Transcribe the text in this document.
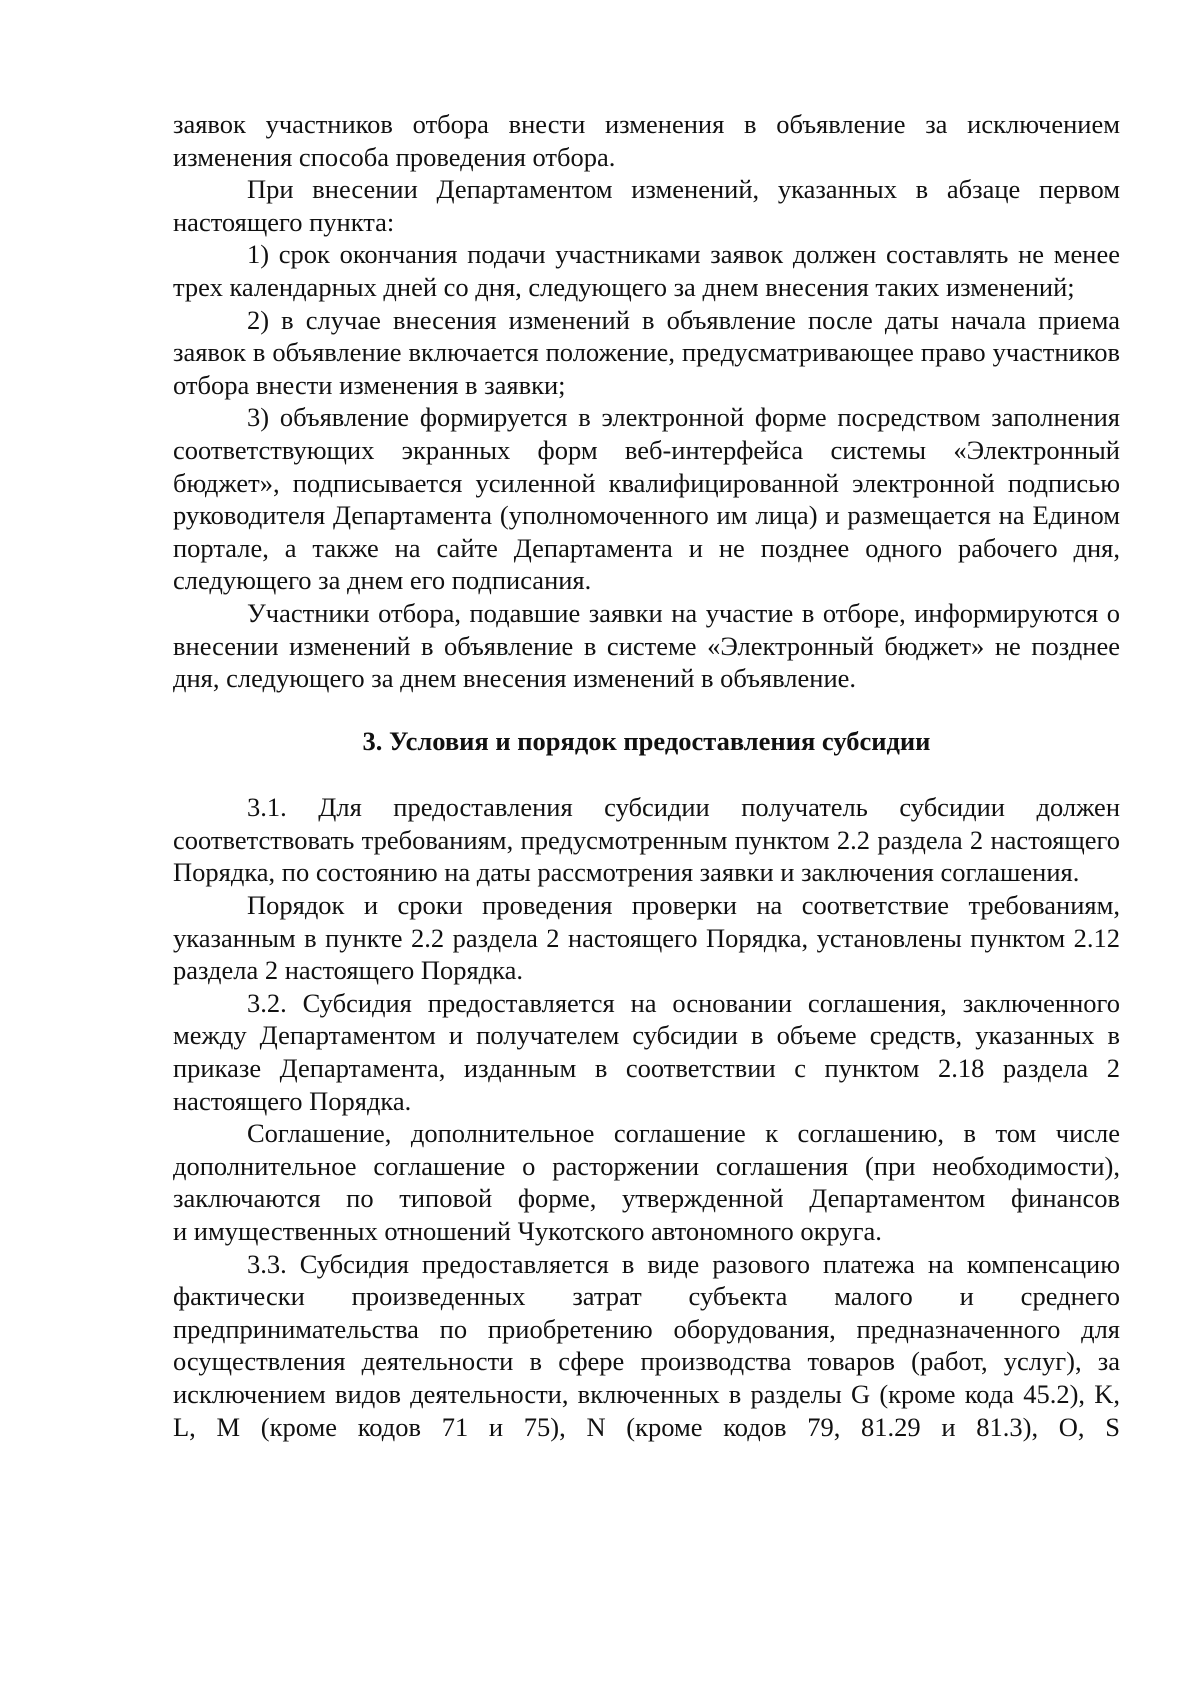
заявок участников отбора внести изменения в объявление за исключением изменения способа проведения отбора.

При внесении Департаментом изменений, указанных в абзаце первом настоящего пункта:

1) срок окончания подачи участниками заявок должен составлять не менее трех календарных дней со дня, следующего за днем внесения таких изменений;

2) в случае внесения изменений в объявление после даты начала приема заявок в объявление включается положение, предусматривающее право участников отбора внести изменения в заявки;

3) объявление формируется в электронной форме посредством заполнения соответствующих экранных форм веб-интерфейса системы «Электронный бюджет», подписывается усиленной квалифицированной электронной подписью руководителя Департамента (уполномоченного им лица) и размещается на Едином портале, а также на сайте Департамента и не позднее одного рабочего дня, следующего за днем его подписания.

Участники отбора, подавшие заявки на участие в отборе, информируются о внесении изменений в объявление в системе «Электронный бюджет» не позднее дня, следующего за днем внесения изменений в объявление.

3. Условия и порядок предоставления субсидии

3.1. Для предоставления субсидии получатель субсидии должен соответствовать требованиям, предусмотренным пунктом 2.2 раздела 2 настоящего Порядка, по состоянию на даты рассмотрения заявки и заключения соглашения.

Порядок и сроки проведения проверки на соответствие требованиям, указанным в пункте 2.2 раздела 2 настоящего Порядка, установлены пунктом 2.12 раздела 2 настоящего Порядка.

3.2. Субсидия предоставляется на основании соглашения, заключенного между Департаментом и получателем субсидии в объеме средств, указанных в приказе Департамента, изданным в соответствии с пунктом 2.18 раздела 2 настоящего Порядка.

Соглашение, дополнительное соглашение к соглашению, в том числе дополнительное соглашение о расторжении соглашения (при необходимости), заключаются по типовой форме, утвержденной Департаментом финансов

и имущественных отношений Чукотского автономного округа.

3.3. Субсидия предоставляется в виде разового платежа на компенсацию фактически произведенных затрат субъекта малого и среднего предпринимательства по приобретению оборудования, предназначенного для осуществления деятельности в сфере производства товаров (работ, услуг), за исключением видов деятельности, включенных в разделы G (кроме кода 45.2), K, L, M (кроме кодов 71 и 75), N (кроме кодов 79, 81.29 и 81.3), O, S
